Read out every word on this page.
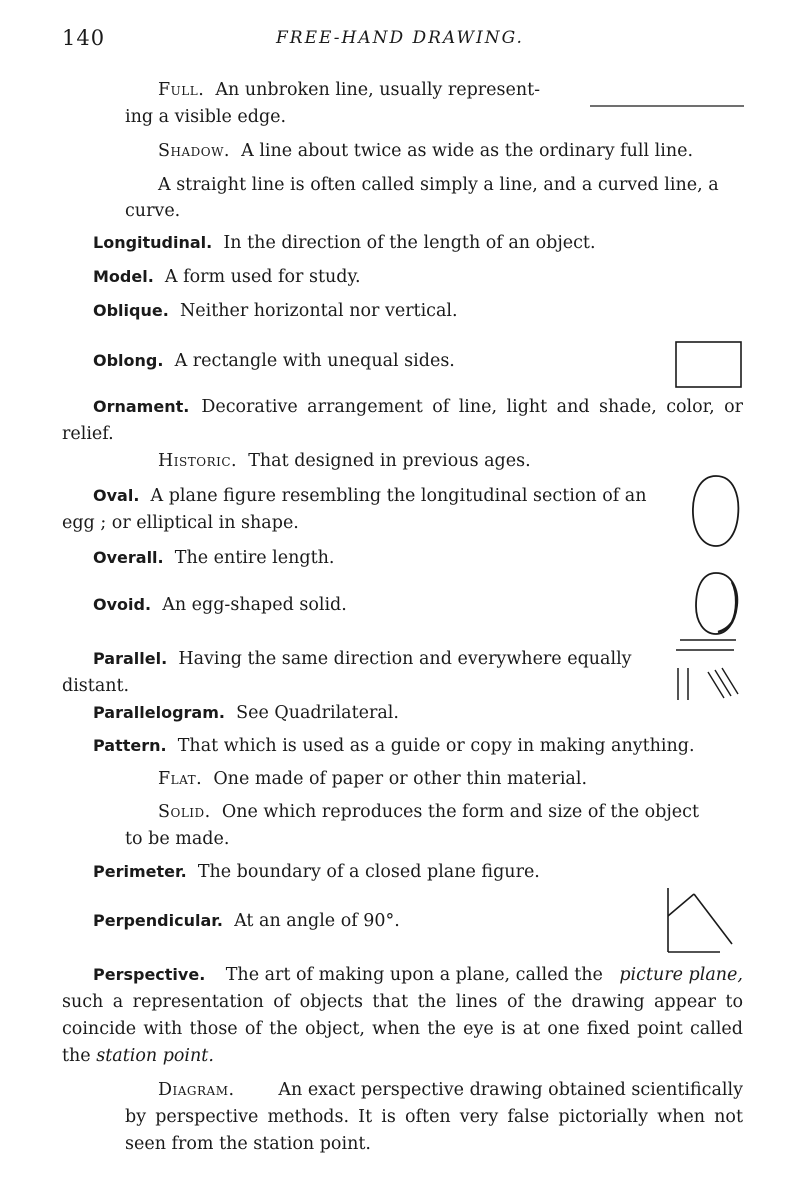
140	FREE-HAND DRAWING.
Full. An unbroken line, usually represent-
ing a visible edge.
Shadow. A line about twice as wide as the ordinary full line.
A straight line is often called simply a line, and a curved line, a
curve.
Longitudinal. In the direction of the length of an object.
Model. A form used for study.
Oblique. Neither horizontal nor vertical.
Oblong. A rectangle with unequal sides.
Ornament. Decorative arrangement of line, light and shade, color, or
relief.
Historic. That designed in previous ages.
Oval. A plane figure resembling the longitudinal section of an
egg ; or elliptical in shape.
Overall. The entire length.
Ovoid. An egg-shaped solid.
Parallel. Having the same direction and everywhere equally
distant.
Parallelogram. See Quadrilateral.
Pattern. That which is used as a guide or copy in making anything.
Flat. One made of paper or other thin material.
Solid. One which reproduces the form and size of the object
to be made.
Perimeter. The boundary of a closed plane figure.
Perpendicular. At an angle of 90°.
Perspective. The art of making upon a plane, called the picture plane,
such a representation of objects that the lines of the drawing appear to
coincide with those of the object, when the eye is at one fixed point called
the station point.
Diagram.	An exact perspective drawing obtained scientifically
by perspective methods. It is often very false pictorially when not
seen from the station point.
